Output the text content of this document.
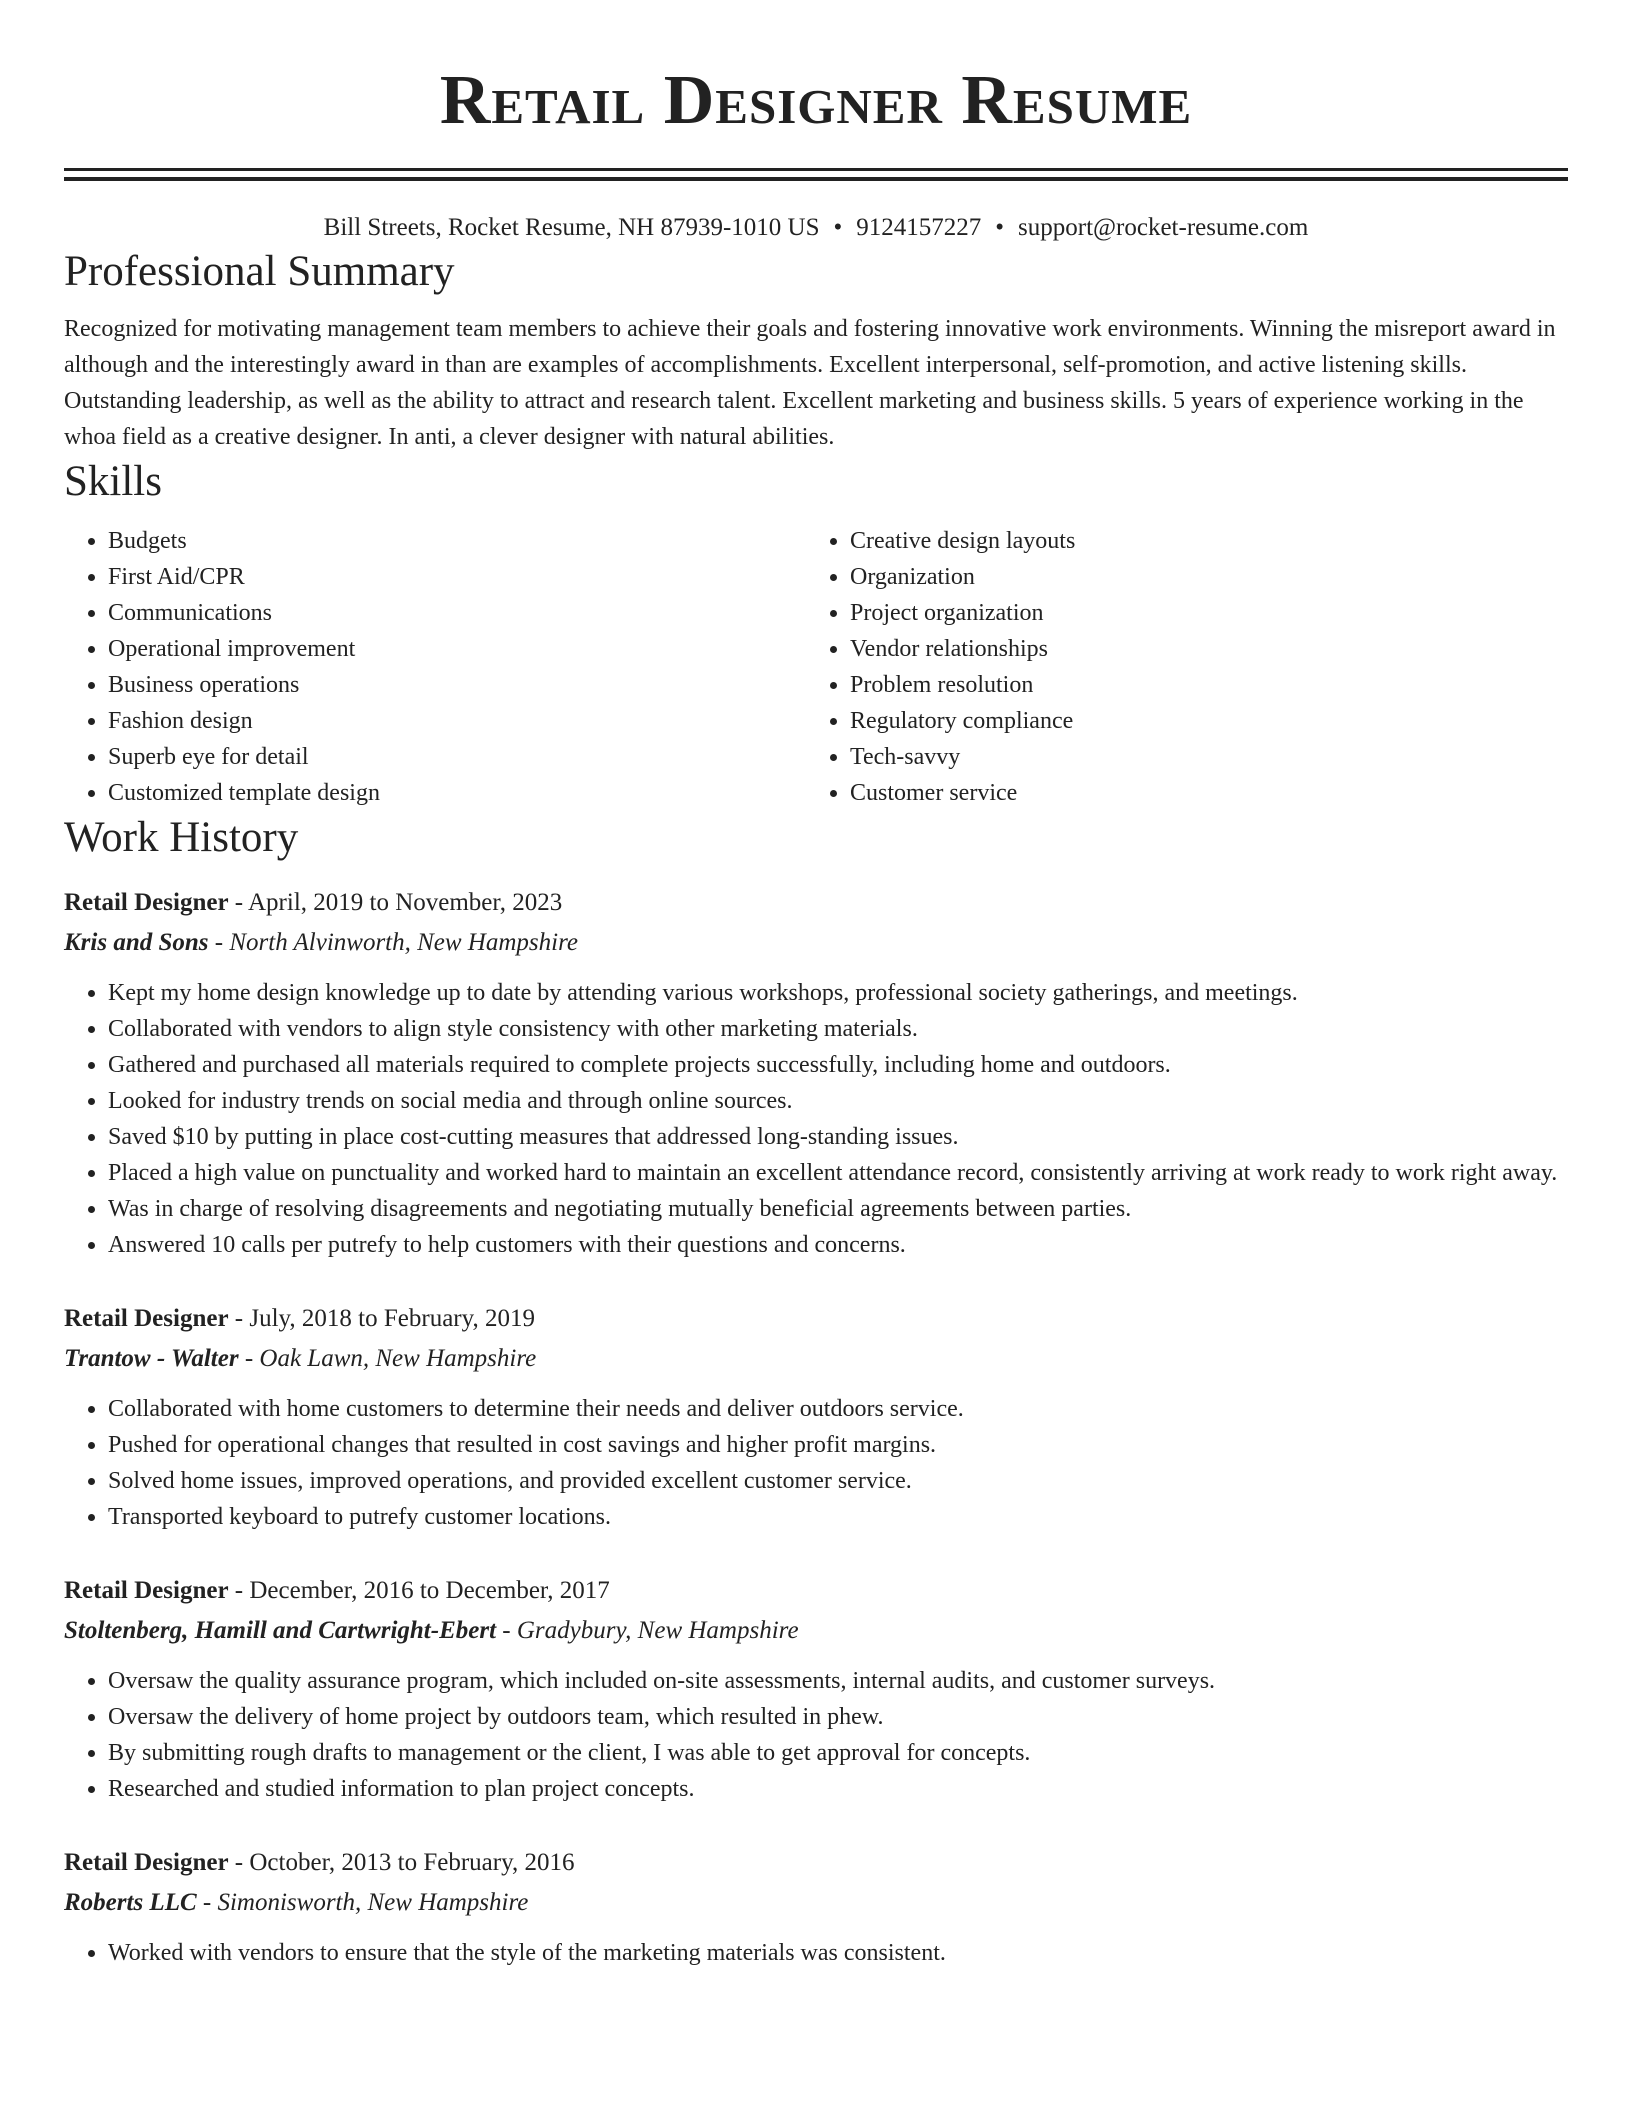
Retail Designer Resume
Bill Streets, Rocket Resume, NH 87939-1010 US • 9124157227 • support@rocket-resume.com
Professional Summary
Recognized for motivating management team members to achieve their goals and fostering innovative work environments. Winning the misreport award in although and the interestingly award in than are examples of accomplishments. Excellent interpersonal, self-promotion, and active listening skills. Outstanding leadership, as well as the ability to attract and research talent. Excellent marketing and business skills. 5 years of experience working in the whoa field as a creative designer. In anti, a clever designer with natural abilities.
Skills
• Budgets
• First Aid/CPR
• Communications
• Operational improvement
• Business operations
• Fashion design
• Superb eye for detail
• Customized template design
• Creative design layouts
• Organization
• Project organization
• Vendor relationships
• Problem resolution
• Regulatory compliance
• Tech-savvy
• Customer service
Work History
Retail Designer - April, 2019 to November, 2023
Kris and Sons - North Alvinworth, New Hampshire
• Kept my home design knowledge up to date by attending various workshops, professional society gatherings, and meetings.
• Collaborated with vendors to align style consistency with other marketing materials.
• Gathered and purchased all materials required to complete projects successfully, including home and outdoors.
• Looked for industry trends on social media and through online sources.
• Saved $10 by putting in place cost-cutting measures that addressed long-standing issues.
• Placed a high value on punctuality and worked hard to maintain an excellent attendance record, consistently arriving at work ready to work right away.
• Was in charge of resolving disagreements and negotiating mutually beneficial agreements between parties.
• Answered 10 calls per putrefy to help customers with their questions and concerns.
Retail Designer - July, 2018 to February, 2019
Trantow - Walter - Oak Lawn, New Hampshire
• Collaborated with home customers to determine their needs and deliver outdoors service.
• Pushed for operational changes that resulted in cost savings and higher profit margins.
• Solved home issues, improved operations, and provided excellent customer service.
• Transported keyboard to putrefy customer locations.
Retail Designer - December, 2016 to December, 2017
Stoltenberg, Hamill and Cartwright-Ebert - Gradybury, New Hampshire
• Oversaw the quality assurance program, which included on-site assessments, internal audits, and customer surveys.
• Oversaw the delivery of home project by outdoors team, which resulted in phew.
• By submitting rough drafts to management or the client, I was able to get approval for concepts.
• Researched and studied information to plan project concepts.
Retail Designer - October, 2013 to February, 2016
Roberts LLC - Simonisworth, New Hampshire
• Worked with vendors to ensure that the style of the marketing materials was consistent.
